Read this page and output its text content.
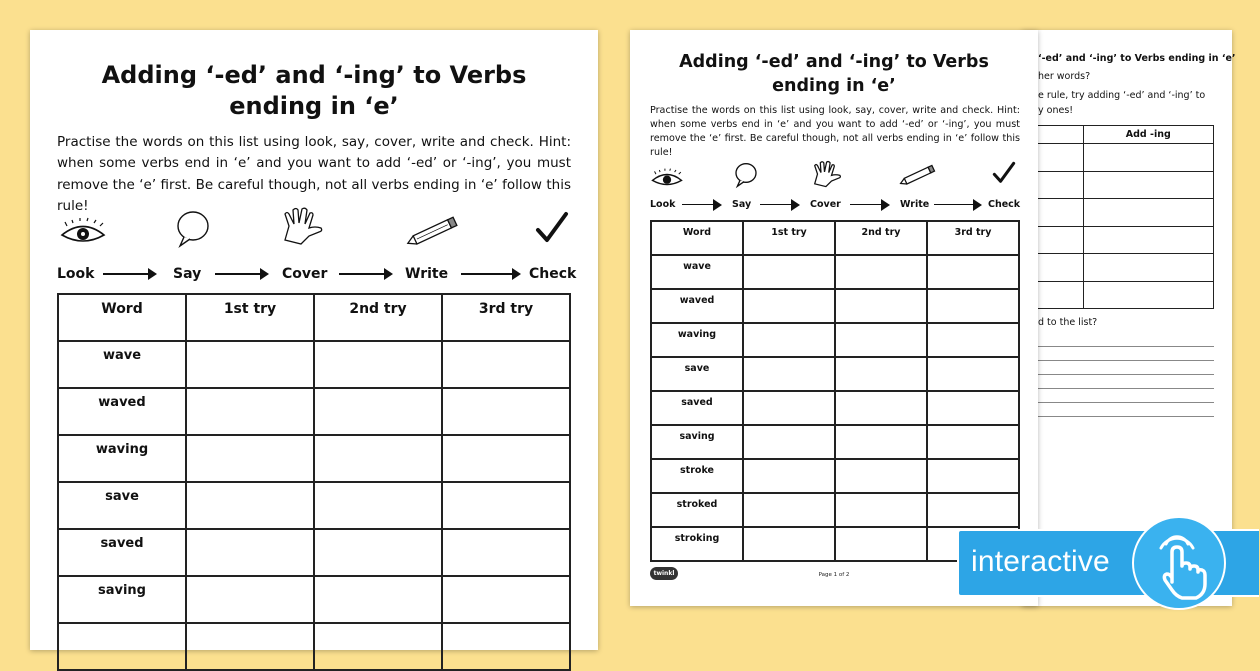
Adding ‘-ed’ and ‘-ing’ to Verbs
ending in ‘e’

Practise the words on this list using look, say, cover, write and check. Hint: when some verbs end in ‘e’ and you want to add ‘-ed’ or ‘-ing’, you must remove the ‘e’ first. Be careful though, not all verbs ending in ‘e’ follow this rule!

Look	Say	Cover	Write	Check
Word	1st try	2nd try	3rd try
wave			
waved			
waving			
save			
saved			
saving			

‘-ed’ and ‘-ing’ to Verbs ending in ‘e’
her words?
e rule, try adding ‘-ed’ and ‘-ing’ to
y ones!
	Add -ing

d to the list?
Adding ‘-ed’ and ‘-ing’ to Verbs
ending in ‘e’

Practise the words on this list using look, say, cover, write and check. Hint: when some verbs end in ‘e’ and you want to add ‘-ed’ or ‘-ing’, you must remove the ‘e’ first. Be careful though, not all verbs ending in ‘e’ follow this rule!

Look	Say	Cover	Write	Check
Word	1st try	2nd try	3rd try
wave			
waved			
waving			
save			
saved			
saving			
stroke			
stroked			
stroking			
twinkl	Page 1 of 2	interactive
